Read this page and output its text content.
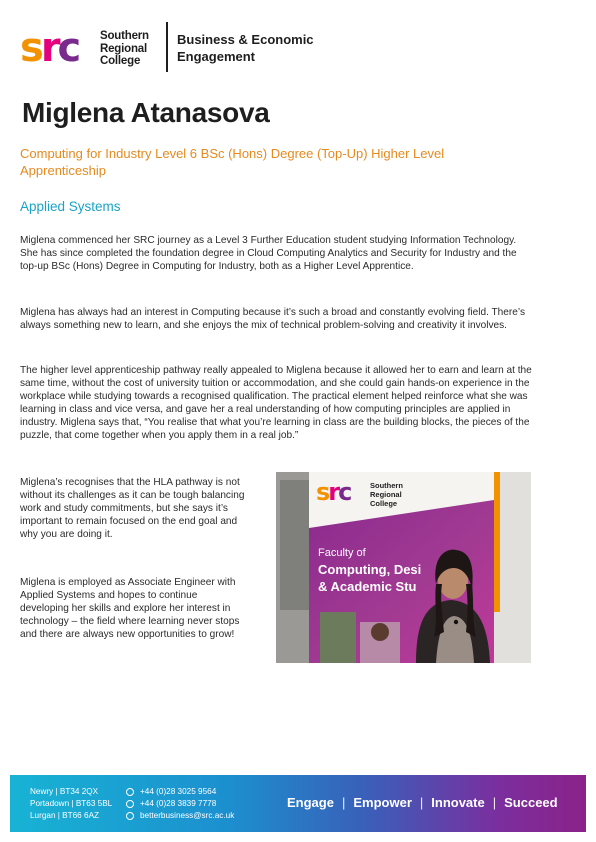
src Southern
Regional
College
Business & Economic
Engagement
Miglena Atanasova
Computing for Industry Level 6 BSc (Hons) Degree (Top-Up) Higher Level Apprenticeship
Applied Systems

Miglena commenced her SRC journey as a Level 3 Further Education student studying Information Technology. She has since completed the foundation degree in Cloud Computing Analytics and Security for Industry and the top-up BSc (Hons) Degree in Computing for Industry, both as a Higher Level Apprentice.

Miglena has always had an interest in Computing because it’s such a broad and constantly evolving field. There’s always something new to learn, and she enjoys the mix of technical problem-solving and creativity it involves.

The higher level apprenticeship pathway really appealed to Miglena because it allowed her to earn and learn at the same time, without the cost of university tuition or accommodation, and she could gain hands-on experience in the workplace while studying towards a recognised qualification. The practical element helped reinforce what she was learning in class and vice versa, and gave her a real understanding of how computing principles are applied in industry. Miglena says that, “You realise that what you’re learning in class are the building blocks, the pieces of the puzzle, that come together when you apply them in a real job.”

Miglena’s recognises that the HLA pathway is not without its challenges as it can be tough balancing work and study commitments, but she says it’s important to remain focused on the end goal and why you are doing it.

Miglena is employed as Associate Engineer with Applied Systems and hopes to continue developing her skills and explore her interest in technology – the field where learning never stops and there are always new opportunities to grow!

src	Southern
Regional
College
Faculty of
Computing, Desi
& Academic Stu
Newry | BT34 2QX
Portadown | BT63 5BL
Lurgan | BT66 6AZ
+44 (0)28 3025 9564
+44 (0)28 3839 7778
betterbusiness@src.ac.uk
Engage | Empower | Innovate | Succeed
